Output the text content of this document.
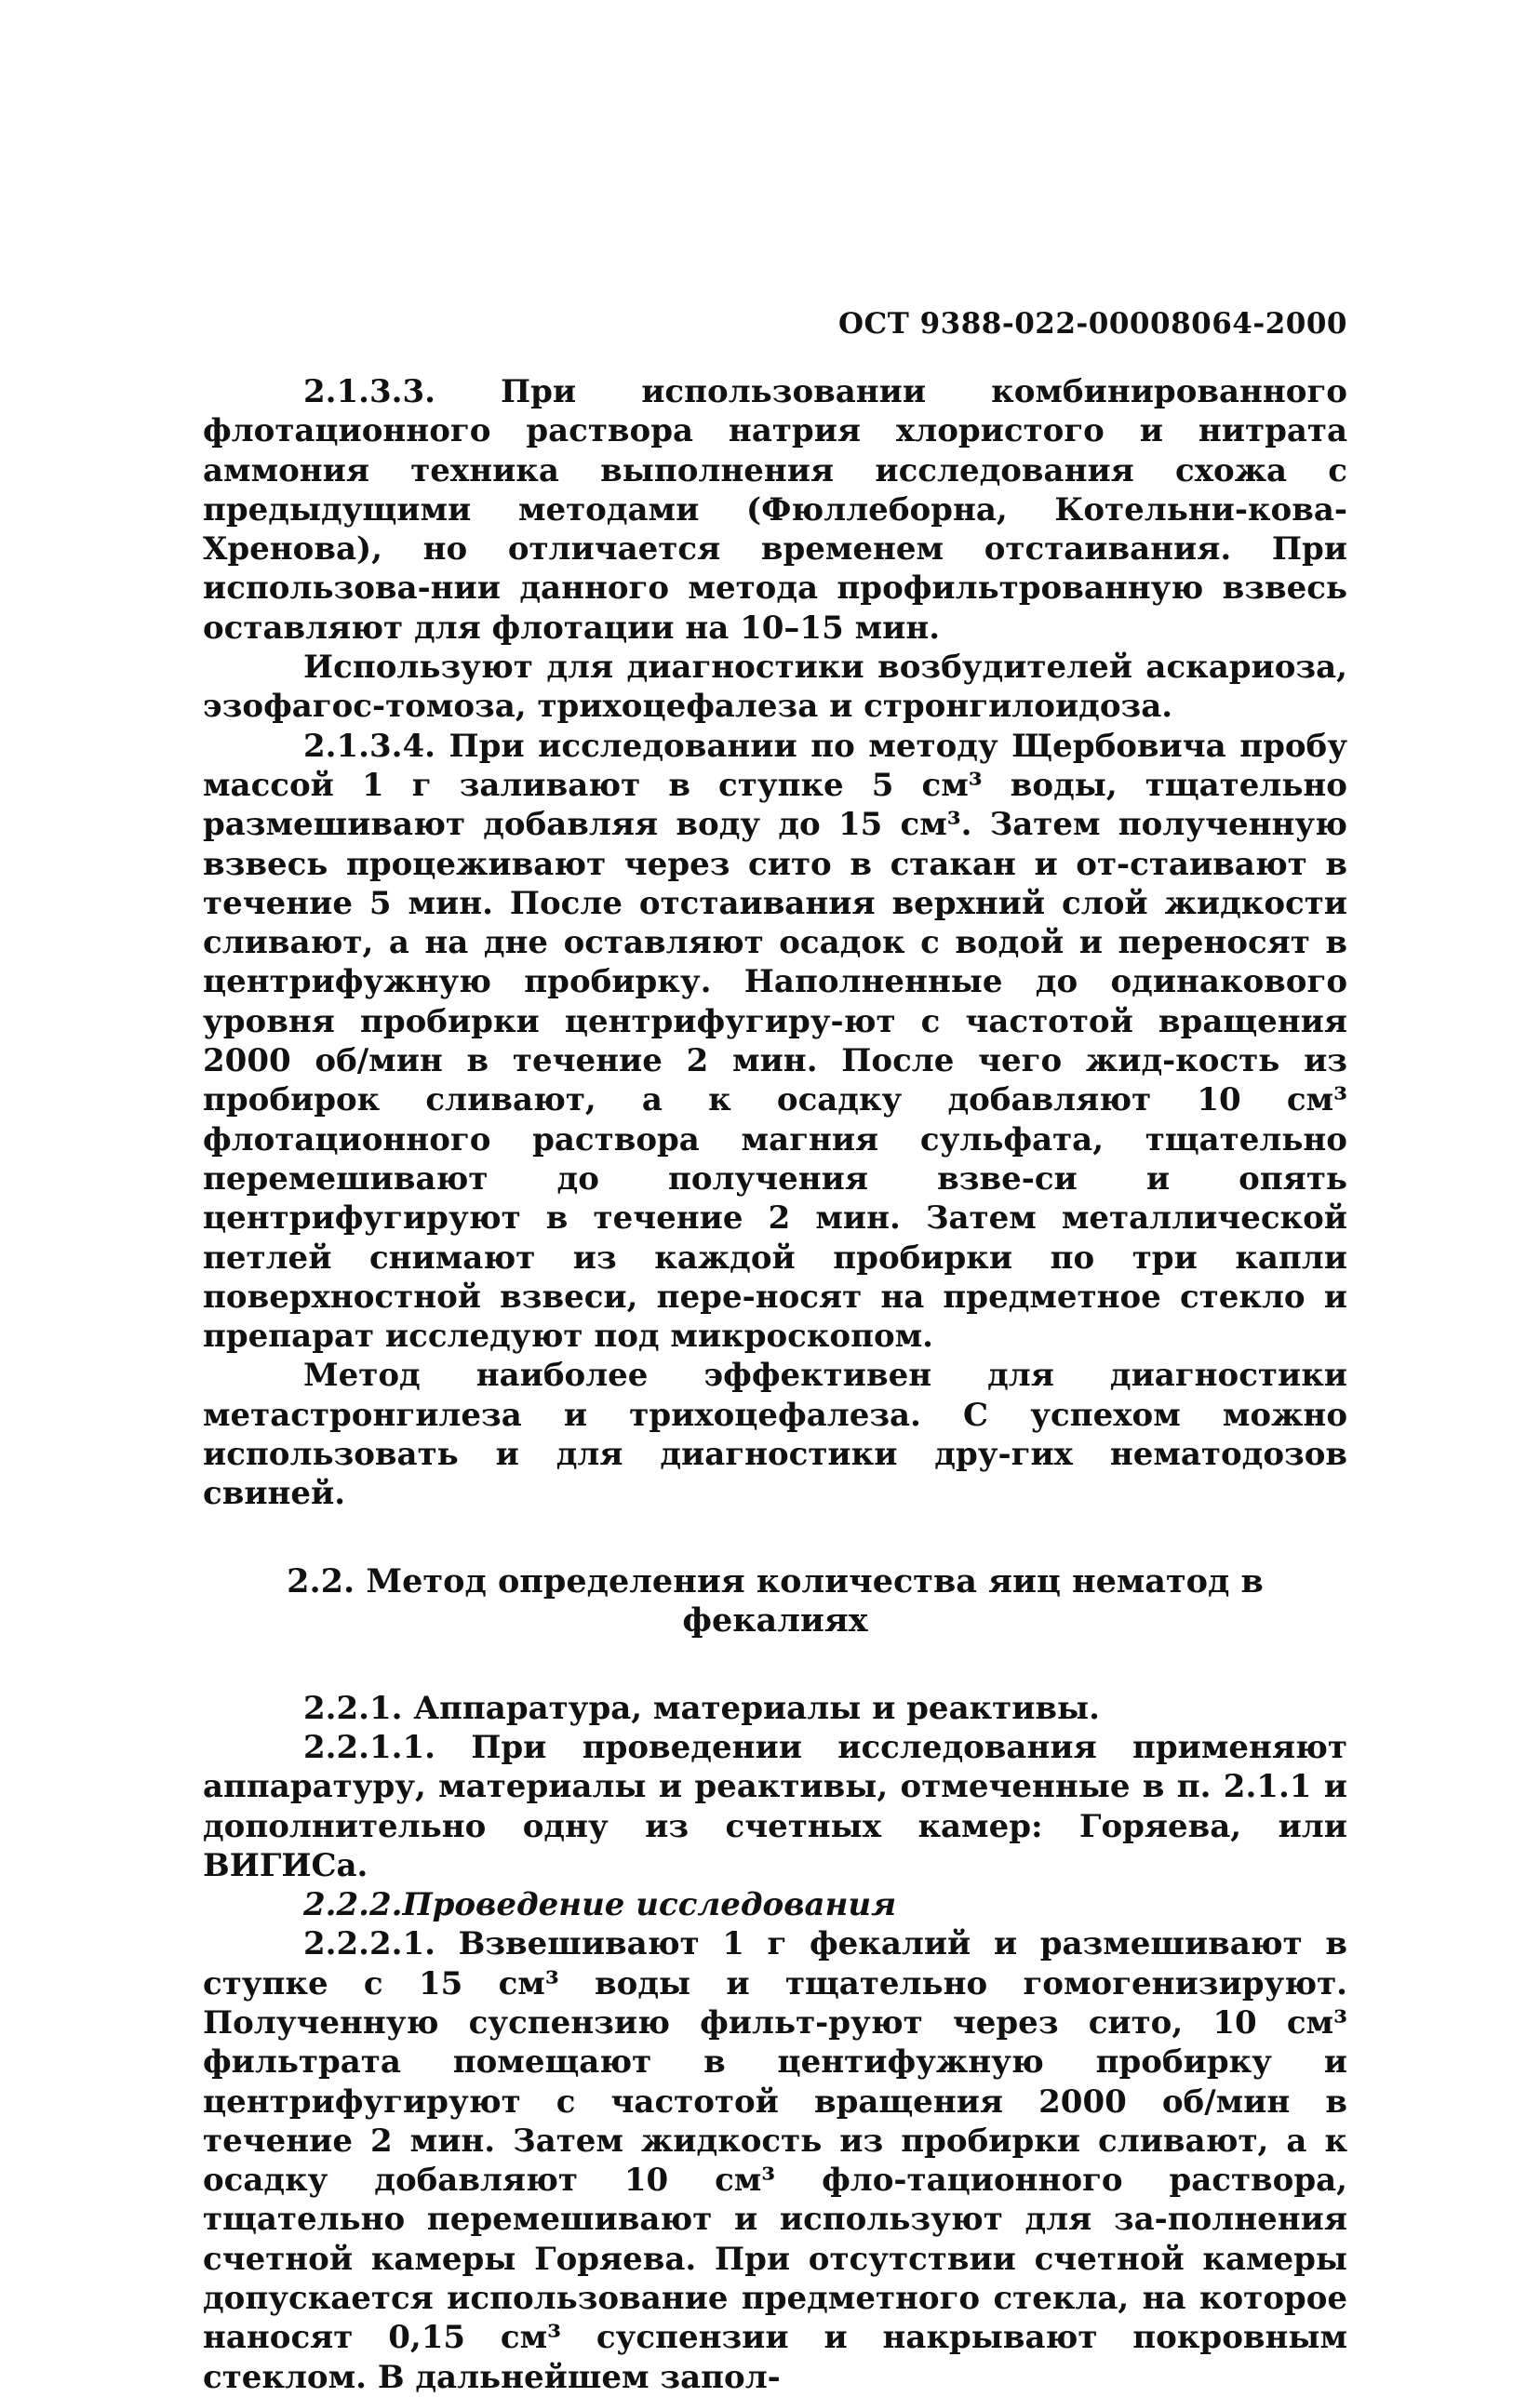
ОСТ 9388-022-00008064-2000

2.1.3.3. При использовании комбинированного флотационного раствора натрия хлористого и нитрата аммония техника выполнения исследования схожа с предыдущими методами (Фюллеборна, Котельни-кова-Хренова), но отличается временем отстаивания. При использова-нии данного метода профильтрованную взвесь оставляют для флотации на 10–15 мин.

Используют для диагностики возбудителей аскариоза, эзофагос-томоза, трихоцефалеза и стронгилоидоза.

2.1.3.4. При исследовании по методу Щербовича пробу массой 1 г заливают в ступке 5 см³ воды, тщательно размешивают добавляя воду до 15 см³. Затем полученную взвесь процеживают через сито в стакан и от-стаивают в течение 5 мин. После отстаивания верхний слой жидкости сливают, а на дне оставляют осадок с водой и переносят в центрифужную пробирку. Наполненные до одинакового уровня пробирки центрифугиру-ют с частотой вращения 2000 об/мин в течение 2 мин. После чего жид-кость из пробирок сливают, а к осадку добавляют 10 см³ флотационного раствора магния сульфата, тщательно перемешивают до получения взве-си и опять центрифугируют в течение 2 мин. Затем металлической петлей снимают из каждой пробирки по три капли поверхностной взвеси, пере-носят на предметное стекло и препарат исследуют под микроскопом.

Метод наиболее эффективен для диагностики метастронгилеза и трихоцефалеза. С успехом можно использовать и для диагностики дру-гих нематодозов свиней.

2.2. Метод определения количества яиц нематод в фекалиях

2.2.1. Аппаратура, материалы и реактивы.

2.2.1.1. При проведении исследования применяют аппаратуру, материалы и реактивы, отмеченные в п. 2.1.1 и дополнительно одну из счетных камер: Горяева, или ВИГИСа.

2.2.2.Проведение исследования

2.2.2.1. Взвешивают 1 г фекалий и размешивают в ступке с 15 см³ воды и тщательно гомогенизируют. Полученную суспензию фильт-руют через сито, 10 см³ фильтрата помещают в центифужную пробирку и центрифугируют с частотой вращения 2000 об/мин в течение 2 мин. Затем жидкость из пробирки сливают, а к осадку добавляют 10 см³ фло-тационного раствора, тщательно перемешивают и используют для за-полнения счетной камеры Горяева. При отсутствии счетной камеры допускается использование предметного стекла, на которое наносят 0,15 см³ суспензии и накрывают покровным стеклом. В дальнейшем запол-
